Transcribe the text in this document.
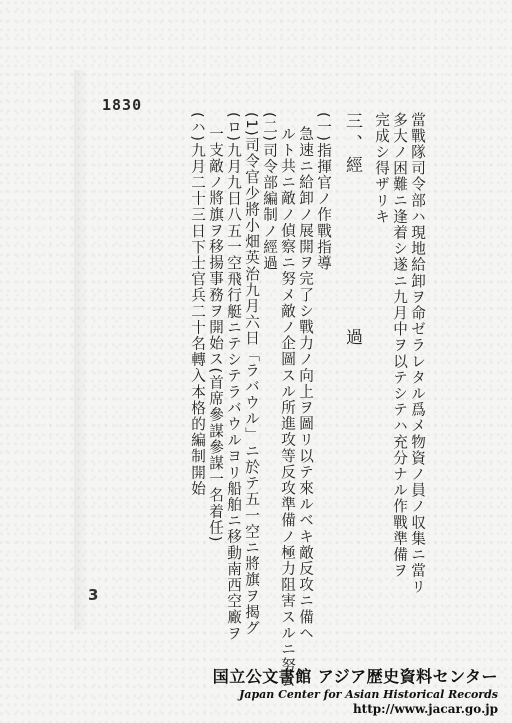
1830
當戰隊司令部ハ現地給卸ヲ命ゼラレタル爲メ物資ノ員ノ収集ニ當リ
多大ノ困難ニ逢着シ遂ニ九月中ヲ以テシテハ充分ナル作戰準備ヲ
完成シ得ザリキ
三、經過
(一)指揮官ノ作戰指導
急速ニ給卸ノ展開ヲ完了シ戰力ノ向上ヲ圖リ以テ來ルベキ敵反攻ニ備ヘ
ルト共ニ敵ノ偵察ニ努メ敵ノ企圖スル所進攻等反攻準備ノ極力阻害スルニ努ム
(二)司令部編制ノ經過
(1)司令官少將小畑英治九月六日「ラバウル」ニ於テ五一空ニ將旗ヲ揭グ
(ロ)九月九日八五一空飛行艇ニテシテラバウルヨリ船舶ニ移動南西空廠ヲ
一支敵ノ將旗ヲ移揚事務ヲ開始ス(首席參謀參謀一名着任)
(ハ)九月二十三日下士官兵二十名轉入本格的編制開始
3
国立公文書館 アジア歴史資料センター
Japan Center for Asian Historical Records
http://www.jacar.go.jp
